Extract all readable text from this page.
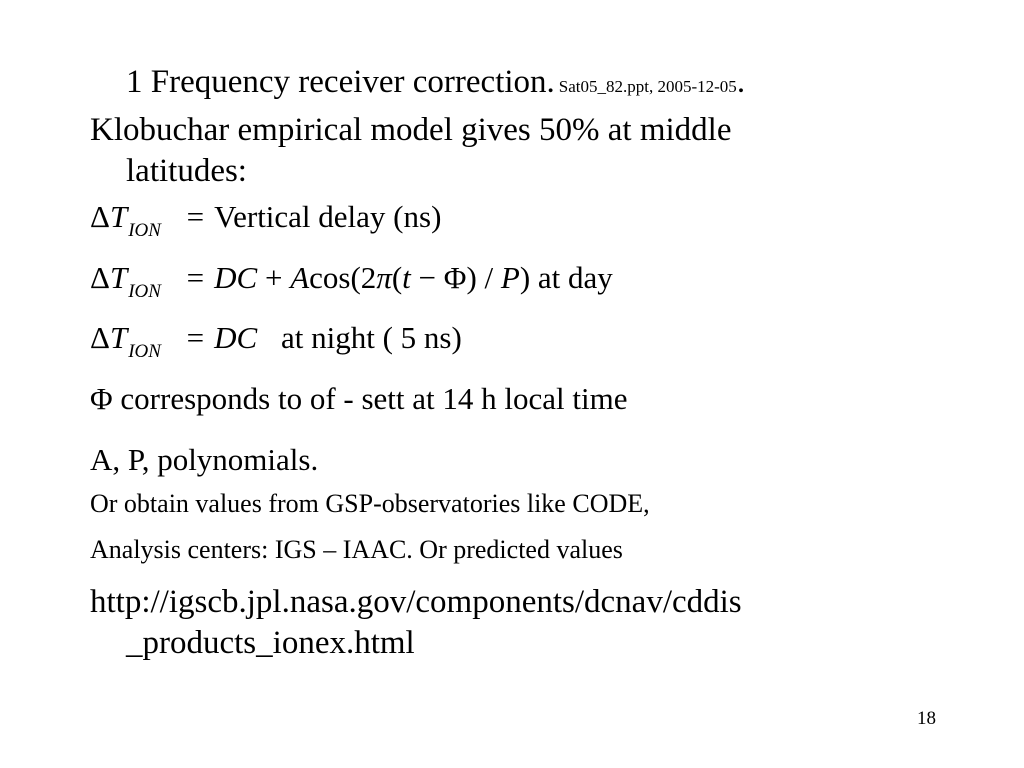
1 Frequency receiver correction. Sat05_82.ppt, 2005-12-05.
Klobuchar empirical model gives 50% at middle
latitudes:
$\Delta T_{ION}$ = Vertical delay (ns)
$\Delta T_{ION}$ = DC + Acos(2π(t − Φ) / P) at day
$\Delta T_{ION}$ = DC at night ( 5 ns)
Φ corresponds to of - sett at 14 h local time
A, P, polynomials.
Or obtain values from GSP-observatories like CODE,
Analysis centers: IGS – IAAC. Or predicted values
http://igscb.jpl.nasa.gov/components/dcnav/cddis
_products_ionex.html
18
